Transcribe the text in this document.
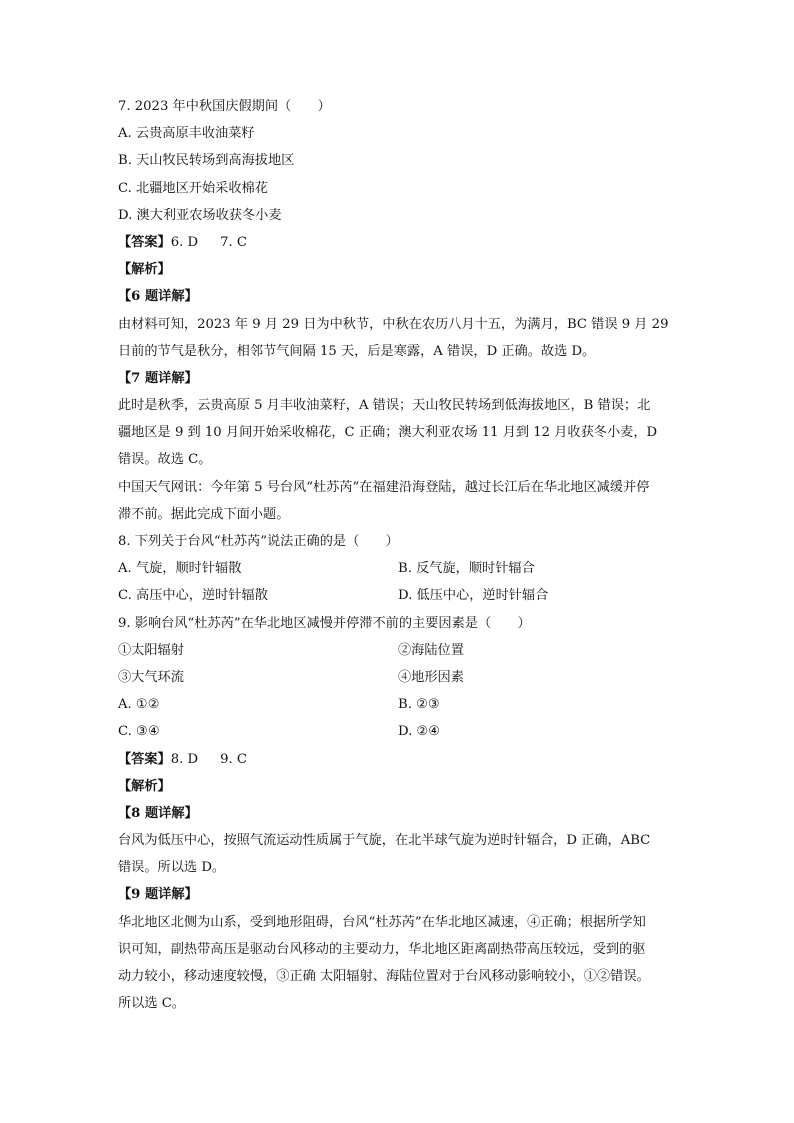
7. 2023 年中秋国庆假期间（　　）
A. 云贵高原丰收油菜籽
B. 天山牧民转场到高海拔地区
C. 北疆地区开始采收棉花
D. 澳大利亚农场收获冬小麦
【答案】6. D 7. C
【解析】
【6 题详解】
由材料可知，2023 年 9 月 29 日为中秋节，中秋在农历八月十五，为满月，BC 错误 9 月 29
日前的节气是秋分，相邻节气间隔 15 天，后是寒露，A 错误，D 正确。故选 D。
【7 题详解】
此时是秋季，云贵高原 5 月丰收油菜籽，A 错误；天山牧民转场到低海拔地区，B 错误；北
疆地区是 9 到 10 月间开始采收棉花，C 正确；澳大利亚农场 11 月到 12 月收获冬小麦，D
错误。故选 C。
中国天气网讯：今年第 5 号台风“杜苏芮”在福建沿海登陆，越过长江后在华北地区减缓并停
滞不前。据此完成下面小题。
8. 下列关于台风“杜苏芮”说法正确的是（　　）
A. 气旋，顺时针辐散	B. 反气旋，顺时针辐合
C. 高压中心，逆时针辐散	D. 低压中心，逆时针辐合
9. 影响台风“杜苏芮”在华北地区减慢并停滞不前的主要因素是（　　）
①太阳辐射	②海陆位置
③大气环流	④地形因素
A. ①②	B. ②③
C. ③④	D. ②④
【答案】8. D 9. C
【解析】
【8 题详解】
台风为低压中心，按照气流运动性质属于气旋，在北半球气旋为逆时针辐合，D 正确，ABC
错误。所以选 D。
【9 题详解】
华北地区北侧为山系，受到地形阻碍，台风“杜苏芮”在华北地区减速，④正确；根据所学知
识可知，副热带高压是驱动台风移动的主要动力，华北地区距离副热带高压较远，受到的驱
动力较小，移动速度较慢，③正确 太阳辐射、海陆位置对于台风移动影响较小，①②错误。
所以选 C。
